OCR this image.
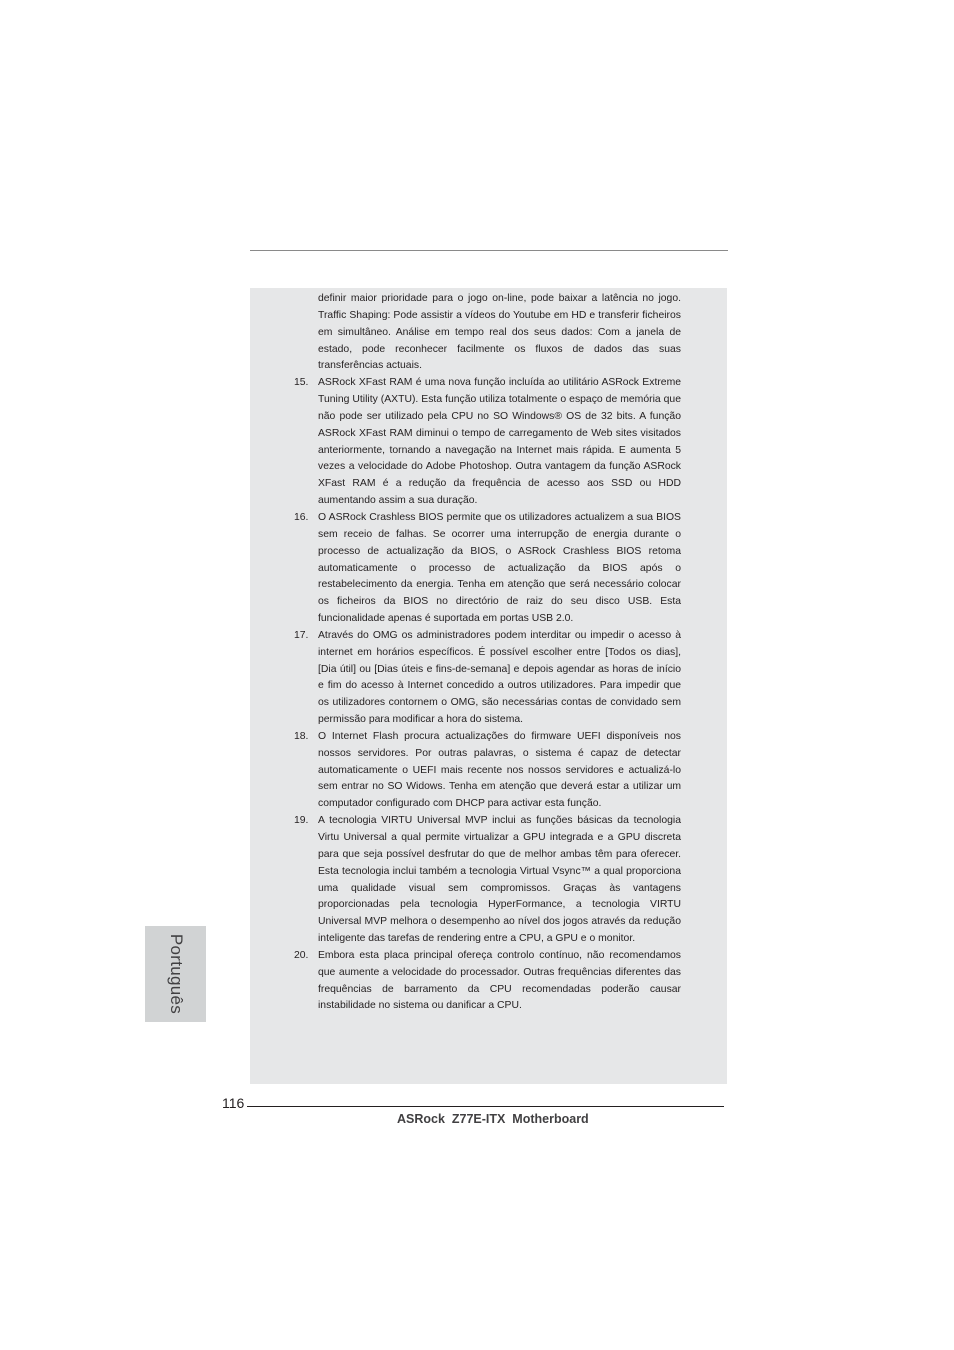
definir maior prioridade para o jogo on-line, pode baixar a latência no jogo. Traffic Shaping: Pode assistir a vídeos do Youtube em HD e transferir ficheiros em simultâneo. Análise em tempo real dos seus dados: Com a janela de estado, pode reconhecer facilmente os fluxos de dados das suas transferências actuais.
15. ASRock XFast RAM é uma nova função incluída ao utilitário ASRock Extreme Tuning Utility (AXTU). Esta função utiliza totalmente o espaço de memória que não pode ser utilizado pela CPU no SO Windows® OS de 32 bits. A função ASRock XFast RAM diminui o tempo de carregamento de Web sites visitados anteriormente, tornando a navegação na Internet mais rápida. E aumenta 5 vezes a velocidade do Adobe Photoshop. Outra vantagem da função ASRock XFast RAM é a redução da frequência de acesso aos SSD ou HDD aumentando assim a sua duração.
16. O ASRock Crashless BIOS permite que os utilizadores actualizem a sua BIOS sem receio de falhas. Se ocorrer uma interrupção de energia durante o processo de actualização da BIOS, o ASRock Crashless BIOS retoma automaticamente o processo de actualização da BIOS após o restabelecimento da energia. Tenha em atenção que será necessário colocar os ficheiros da BIOS no directório de raiz do seu disco USB. Esta funcionalidade apenas é suportada em portas USB 2.0.
17. Através do OMG os administradores podem interditar ou impedir o acesso à internet em horários específicos. É possível escolher entre [Todos os dias], [Dia útil] ou [Dias úteis e fins-de-semana] e depois agendar as horas de início e fim do acesso à Internet concedido a outros utilizadores. Para impedir que os utilizadores contornem o OMG, são necessárias contas de convidado sem permissão para modificar a hora do sistema.
18. O Internet Flash procura actualizações do firmware UEFI disponíveis nos nossos servidores. Por outras palavras, o sistema é capaz de detectar automaticamente o UEFI mais recente nos nossos servidores e actualizá-lo sem entrar no SO Widows. Tenha em atenção que deverá estar a utilizar um computador configurado com DHCP para activar esta função.
19. A tecnologia VIRTU Universal MVP inclui as funções básicas da tecnologia Virtu Universal a qual permite virtualizar a GPU integrada e a GPU discreta para que seja possível desfrutar do que de melhor ambas têm para oferecer. Esta tecnologia inclui também a tecnologia Virtual Vsync™ a qual proporciona uma qualidade visual sem compromissos. Graças às vantagens proporcionadas pela tecnologia HyperFormance, a tecnologia VIRTU Universal MVP melhora o desempenho ao nível dos jogos através da redução inteligente das tarefas de rendering entre a CPU, a GPU e o monitor.
20. Embora esta placa principal ofereça controlo contínuo, não recomendamos que aumente a velocidade do processador. Outras frequências diferentes das frequências de barramento da CPU recomendadas poderão causar instabilidade no sistema ou danificar a CPU.
Português
116
ASRock  Z77E-ITX  Motherboard
